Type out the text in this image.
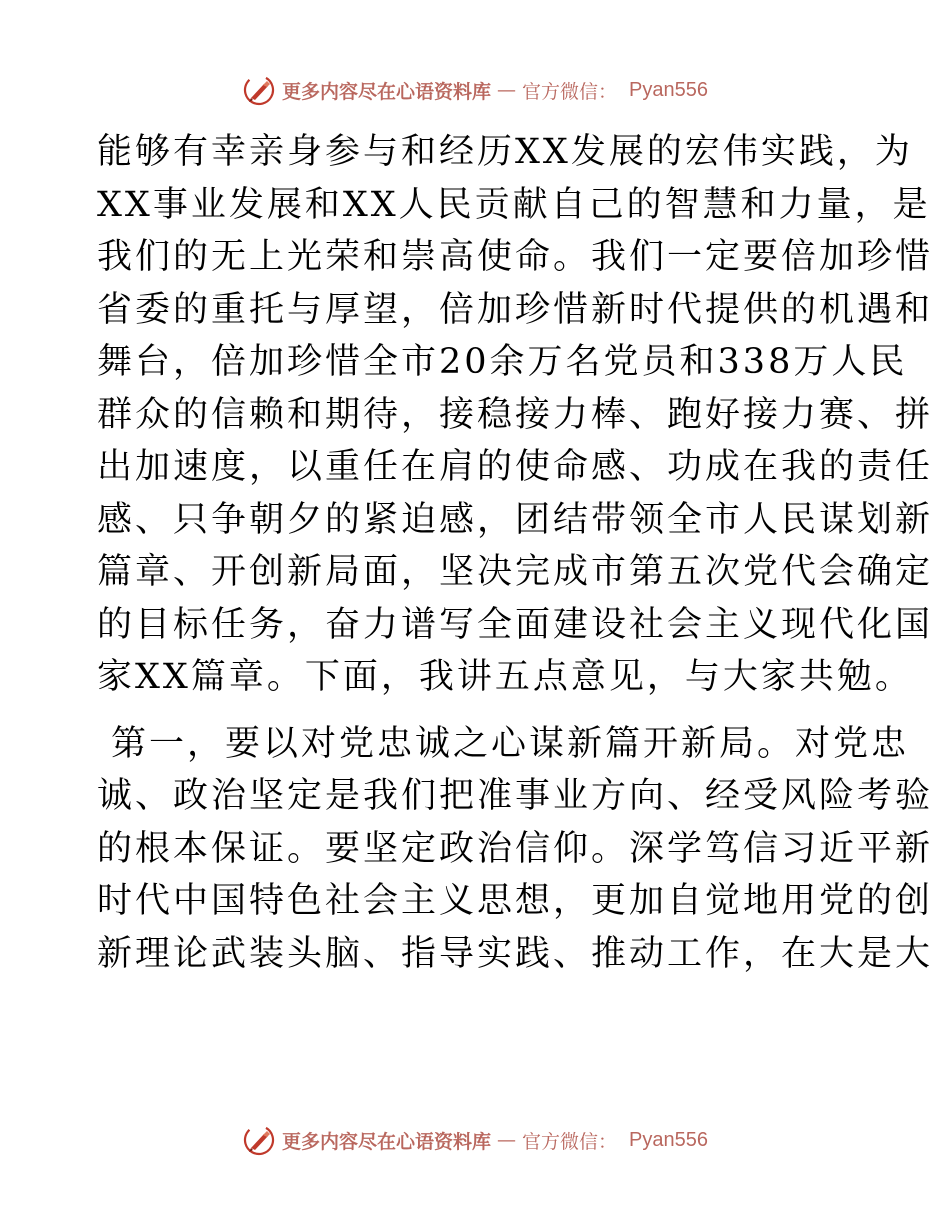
更多内容尽在心语资料库 — 官方微信： Pyan556
能够有幸亲身参与和经历XX发展的宏伟实践，为
XX事业发展和XX人民贡献自己的智慧和力量，是
我们的无上光荣和崇高使命。我们一定要倍加珍惜
省委的重托与厚望，倍加珍惜新时代提供的机遇和
舞台，倍加珍惜全市20余万名党员和338万人民
群众的信赖和期待，接稳接力棒、跑好接力赛、拼
出加速度，以重任在肩的使命感、功成在我的责任
感、只争朝夕的紧迫感，团结带领全市人民谋划新
篇章、开创新局面，坚决完成市第五次党代会确定
的目标任务，奋力谱写全面建设社会主义现代化国
家XX篇章。下面，我讲五点意见，与大家共勉。
第一，要以对党忠诚之心谋新篇开新局。对党忠
诚、政治坚定是我们把准事业方向、经受风险考验
的根本保证。要坚定政治信仰。深学笃信习近平新
时代中国特色社会主义思想，更加自觉地用党的创
新理论武装头脑、指导实践、推动工作，在大是大
更多内容尽在心语资料库 — 官方微信： Pyan556
